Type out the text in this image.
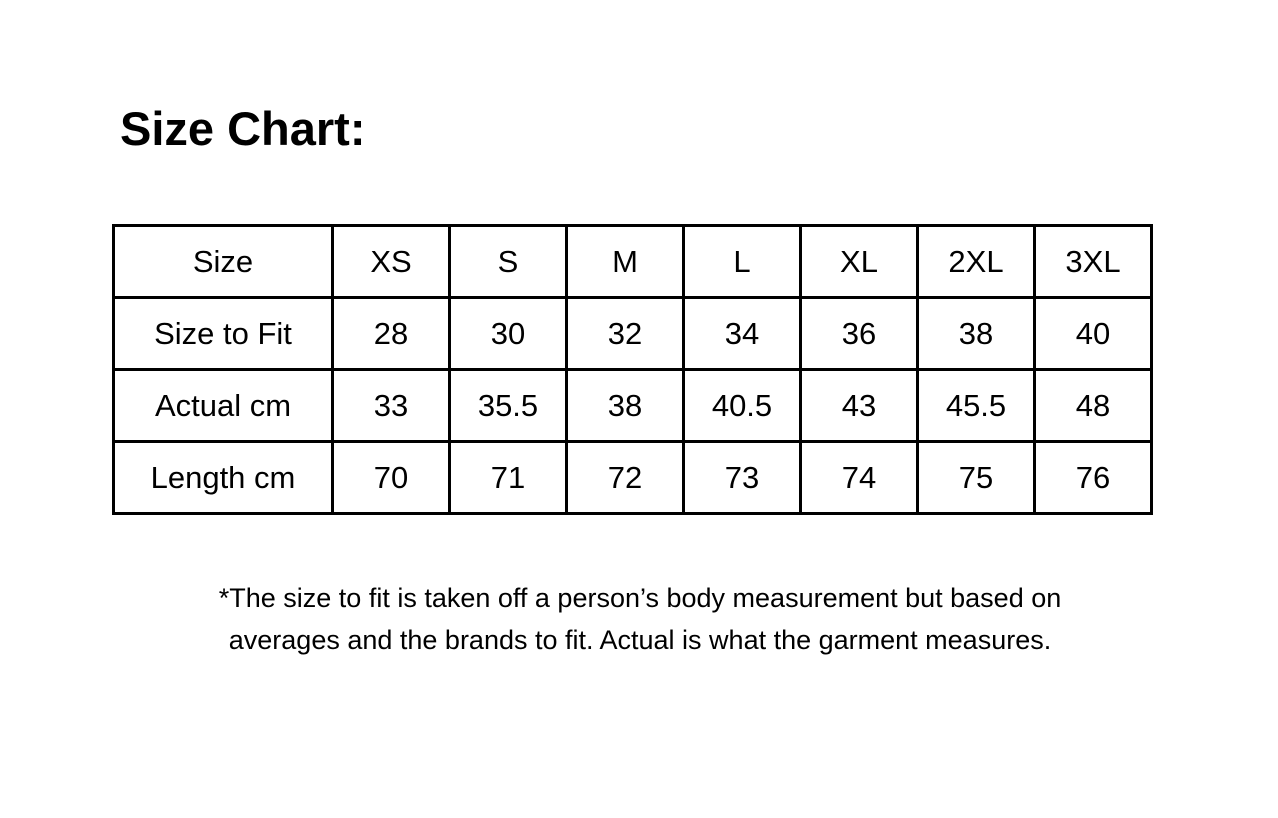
Size Chart:
Size	XS	S	M	L	XL	2XL	3XL
Size to Fit	28	30	32	34	36	38	40
Actual cm	33	35.5	38	40.5	43	45.5	48
Length cm	70	71	72	73	74	75	76
*The size to fit is taken off a person’s body measurement but based on
averages and the brands to fit. Actual is what the garment measures.
